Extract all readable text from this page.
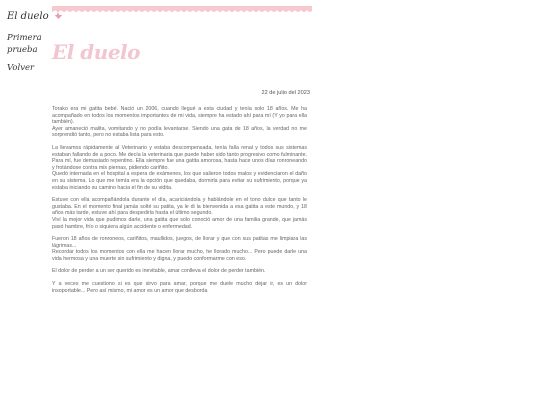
El duelo
Primera
prueba
Volver
El duelo
22 de julio del 2023

Torako era mi gatita bebé. Nació un 2006, cuando llegué a esta ciudad y tenía solo 18 años. Me ha acompañado en todos los momentos importantes de mi vida, siempre ha estado ahí para mí (Y yo para ella también).

Ayer amaneció malita, vomitando y no podía levantarse. Siendo una gata de 18 años, la verdad no me sorprendió tanto, pero no estaba lista para esto.

La llevamos rápidamente al Veterinario y estaba descompensada, tenía falla renal y todos sus sistemas estaban fallando de a poco. Me decía la veterinaria que puede haber sido tanto progresivo como fulminante. Para mí, fue demasiado repentino. Ella siempre fue una gatita amorosa, hasta hace unos días ronroneando y frotándose contra mis piernas, pidiendo cariñito.

Quedó internada en el hospital a espera de exámenes, los que salieron todos malos y evidenciaron el daño en su sistema. Lo que me temía era la opción que quedaba, dormirla para evitar su sufrimiento, porque ya estaba iniciando su camino hacia el fin de su vidita.

Estuve con ella acompañándola durante el día, acariciándola y hablándole en el tono dulce que tanto le gustaba. En el momento final jamás solté su patita, ya le di la bienvenida a esa gatita a este mundo, y 18 años más tarde, estuve ahí para despedirla hasta el último segundo.

Viví la mejor vida que pudimos darle, una gatita que solo conoció amor de una familia grande, que jamás pasó hambre, frío o siquiera algún accidente o enfermedad.

Fueron 18 años de ronroneos, cariñitos, maullidos, juegos, de llorar y que con sus patitas me limpiara las lágrimas...

Recordar todos los momentos con ella me hacen llorar mucho, he llorado mucho... Pero puede darle una vida hermosa y una muerte sin sufrimiento y digna, y puedo conformarme con eso.

El dolor de perder a un ser querido es inevitable, amar conlleva el dolor de perder también.

Y a veces me cuestiono si es que sirvo para amar, porque me duele mucho dejar ir, es un dolor insoportable... Pero así mismo, mi amor es un amor que desborda
